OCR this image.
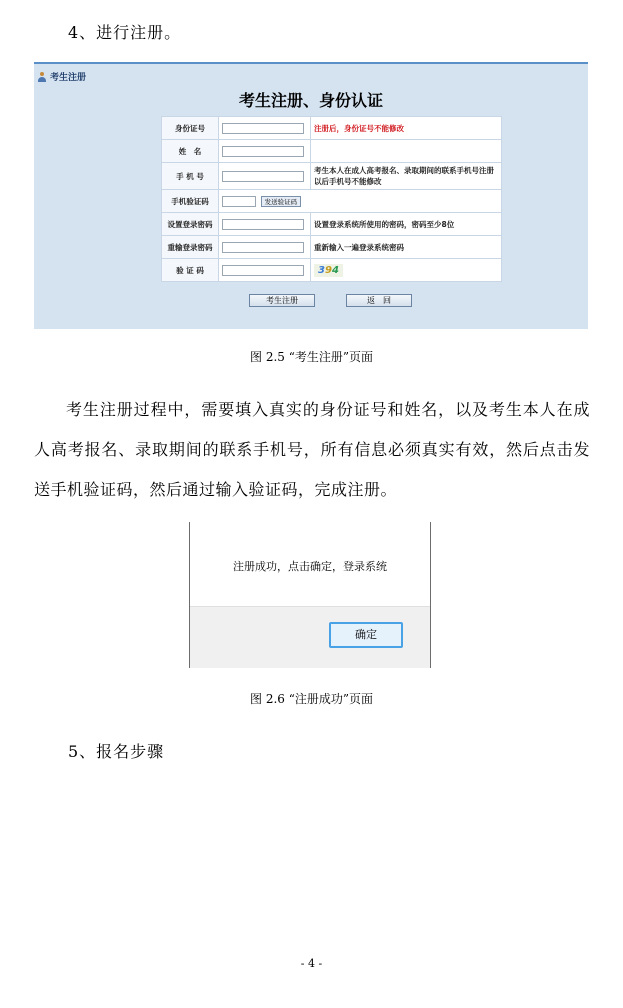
4、进行注册。
考生注册
考生注册、身份认证
身份证号		注册后，身份证号不能修改
姓　名		
手 机 号		考生本人在成人高考报名、录取期间的联系手机号注册以后手机号不能修改
手机验证码	发送验证码	
设置登录密码		设置登录系统所使用的密码，密码至少8位
重输登录密码		重新输入一遍登录系统密码
验 证 码		394
考生注册	返　回
图 2.5 “考生注册”页面

考生注册过程中，需要填入真实的身份证号和姓名，以及考生本人在成人高考报名、录取期间的联系手机号，所有信息必须真实有效，然后点击发送手机验证码，然后通过输入验证码，完成注册。

注册成功，点击确定，登录系统
确定
图 2.6 “注册成功”页面
5、报名步骤
- 4 -
